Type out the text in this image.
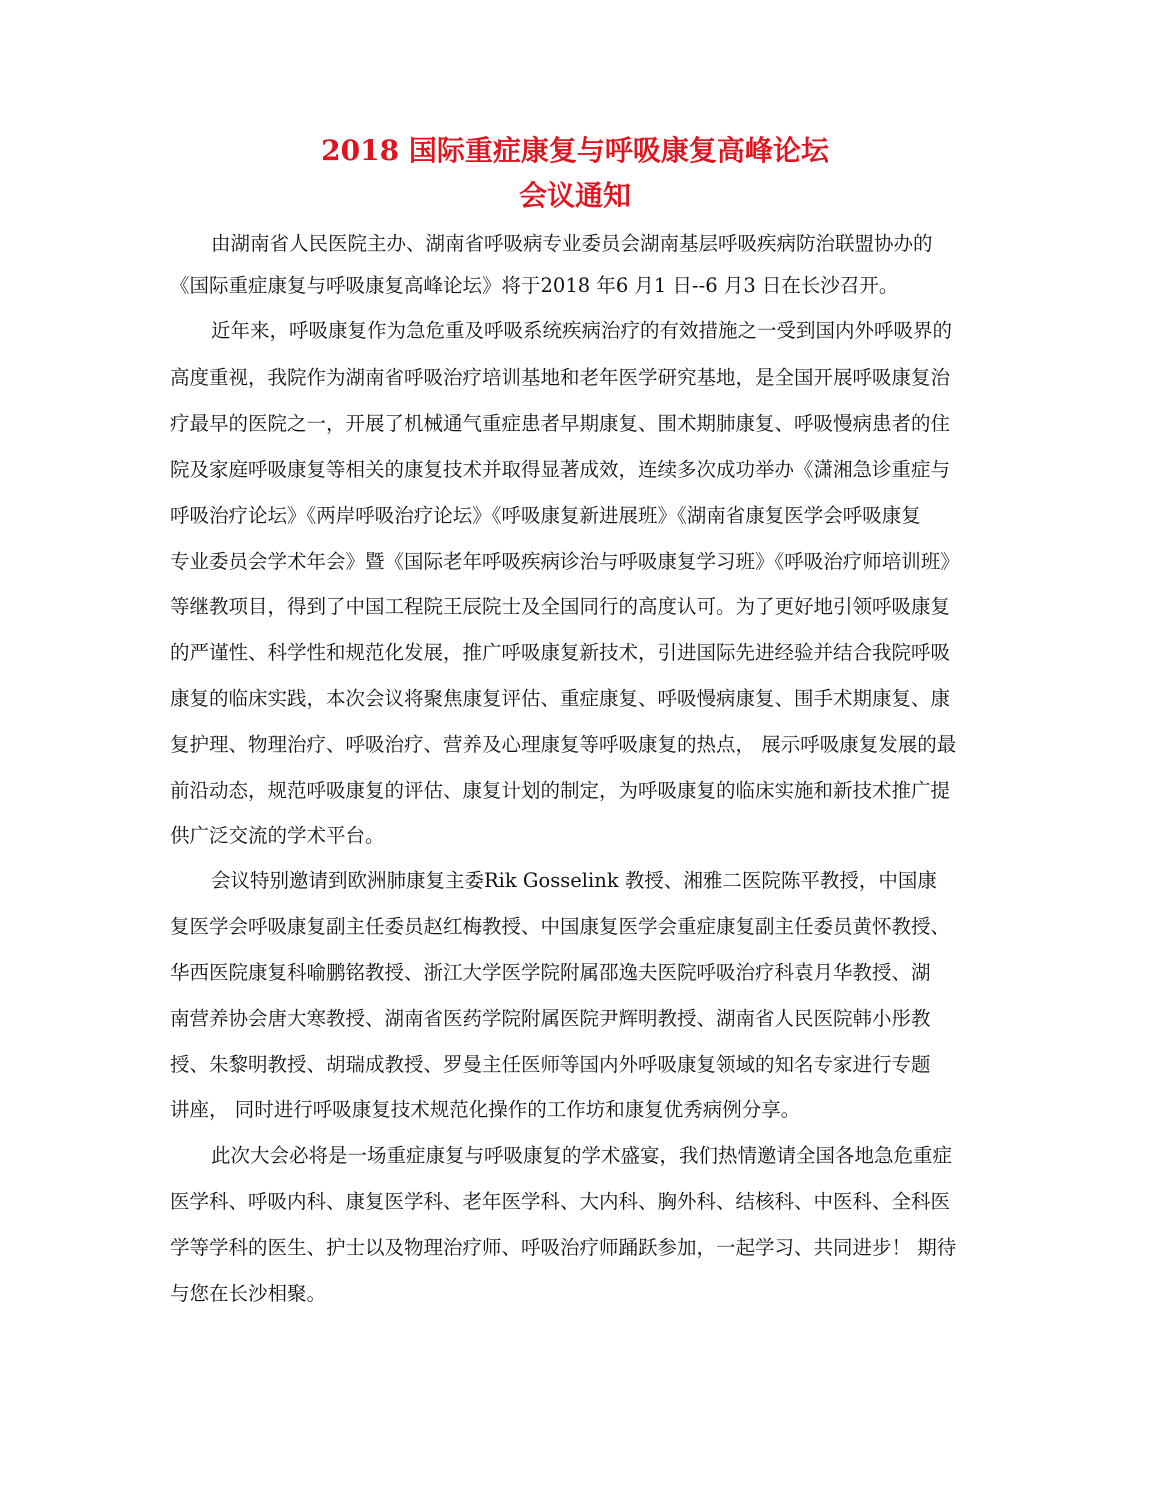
2018 国际重症康复与呼吸康复高峰论坛
会议通知
由湖南省人民医院主办、湖南省呼吸病专业委员会湖南基层呼吸疾病防治联盟协办的
《国际重症康复与呼吸康复高峰论坛》将于2018 年6 月1 日--6 月3 日在长沙召开。
近年来，呼吸康复作为急危重及呼吸系统疾病治疗的有效措施之一受到国内外呼吸界的
高度重视，我院作为湖南省呼吸治疗培训基地和老年医学研究基地，是全国开展呼吸康复治
疗最早的医院之一，开展了机械通气重症患者早期康复、围术期肺康复、呼吸慢病患者的住
院及家庭呼吸康复等相关的康复技术并取得显著成效，连续多次成功举办《潇湘急诊重症与
呼吸治疗论坛》《两岸呼吸治疗论坛》《呼吸康复新进展班》《湖南省康复医学会呼吸康复
专业委员会学术年会》暨《国际老年呼吸疾病诊治与呼吸康复学习班》《呼吸治疗师培训班》
等继教项目，得到了中国工程院王辰院士及全国同行的高度认可。为了更好地引领呼吸康复
的严谨性、科学性和规范化发展，推广呼吸康复新技术，引进国际先进经验并结合我院呼吸
康复的临床实践，本次会议将聚焦康复评估、重症康复、呼吸慢病康复、围手术期康复、康
复护理、物理治疗、呼吸治疗、营养及心理康复等呼吸康复的热点， 展示呼吸康复发展的最
前沿动态，规范呼吸康复的评估、康复计划的制定，为呼吸康复的临床实施和新技术推广提
供广泛交流的学术平台。
会议特别邀请到欧洲肺康复主委Rik Gosselink 教授、湘雅二医院陈平教授，中国康
复医学会呼吸康复副主任委员赵红梅教授、中国康复医学会重症康复副主任委员黄怀教授、
华西医院康复科喻鹏铭教授、浙江大学医学院附属邵逸夫医院呼吸治疗科袁月华教授、湖
南营养协会唐大寒教授、湖南省医药学院附属医院尹辉明教授、湖南省人民医院韩小彤教
授、朱黎明教授、胡瑞成教授、罗曼主任医师等国内外呼吸康复领域的知名专家进行专题
讲座， 同时进行呼吸康复技术规范化操作的工作坊和康复优秀病例分享。
此次大会必将是一场重症康复与呼吸康复的学术盛宴，我们热情邀请全国各地急危重症
医学科、呼吸内科、康复医学科、老年医学科、大内科、胸外科、结核科、中医科、全科医
学等学科的医生、护士以及物理治疗师、呼吸治疗师踊跃参加，一起学习、共同进步！ 期待
与您在长沙相聚。
